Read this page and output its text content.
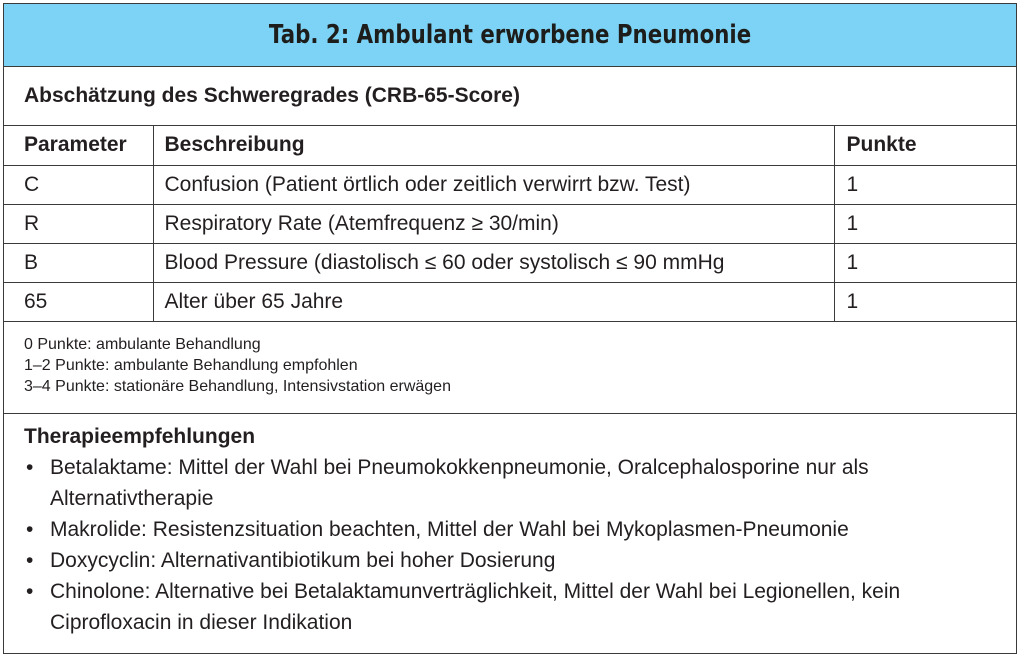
Tab. 2: Ambulant erworbene Pneumonie
Abschätzung des Schweregrades (CRB-65-Score)
Parameter	Beschreibung	Punkte
C	Confusion (Patient örtlich oder zeitlich verwirrt bzw. Test)	1
R	Respiratory Rate (Atemfrequenz ≥ 30/min)	1
B	Blood Pressure (diastolisch ≤ 60 oder systolisch ≤ 90 mmHg	1
65	Alter über 65 Jahre	1
0 Punkte: ambulante Behandlung
1–2 Punkte: ambulante Behandlung empfohlen
3–4 Punkte: stationäre Behandlung, Intensivstation erwägen
Therapieempfehlungen
• Betalaktame: Mittel der Wahl bei Pneumokokkenpneumonie, Oralcephalosporine nur als Alternativtherapie
• Makrolide: Resistenzsituation beachten, Mittel der Wahl bei Mykoplasmen-Pneumonie
• Doxycyclin: Alternativantibiotikum bei hoher Dosierung
• Chinolone: Alternative bei Betalaktamunverträglichkeit, Mittel der Wahl bei Legionellen, kein Ciprofloxacin in dieser Indikation
